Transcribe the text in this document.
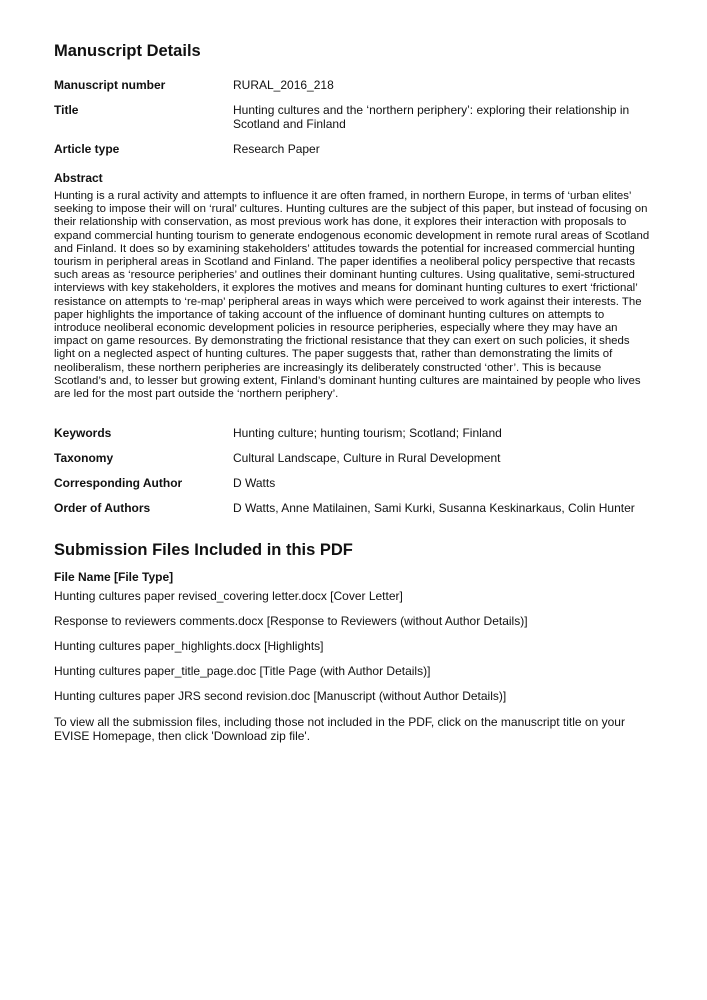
Manuscript Details
Manuscript number	RURAL_2016_218
Title	Hunting cultures and the ‘northern periphery’: exploring their relationship in Scotland and Finland
Article type	Research Paper
Abstract
Hunting is a rural activity and attempts to influence it are often framed, in northern Europe, in terms of ‘urban elites’ seeking to impose their will on ‘rural’ cultures. Hunting cultures are the subject of this paper, but instead of focusing on their relationship with conservation, as most previous work has done, it explores their interaction with proposals to expand commercial hunting tourism to generate endogenous economic development in remote rural areas of Scotland and Finland. It does so by examining stakeholders’ attitudes towards the potential for increased commercial hunting tourism in peripheral areas in Scotland and Finland. The paper identifies a neoliberal policy perspective that recasts such areas as ‘resource peripheries’ and outlines their dominant hunting cultures. Using qualitative, semi-structured interviews with key stakeholders, it explores the motives and means for dominant hunting cultures to exert ‘frictional’ resistance on attempts to ‘re-map’ peripheral areas in ways which were perceived to work against their interests. The paper highlights the importance of taking account of the influence of dominant hunting cultures on attempts to introduce neoliberal economic development policies in resource peripheries, especially where they may have an impact on game resources. By demonstrating the frictional resistance that they can exert on such policies, it sheds light on a neglected aspect of hunting cultures. The paper suggests that, rather than demonstrating the limits of neoliberalism, these northern peripheries are increasingly its deliberately constructed ‘other’. This is because Scotland’s and, to lesser but growing extent, Finland’s dominant hunting cultures are maintained by people who lives are led for the most part outside the ‘northern periphery’.
Keywords	Hunting culture; hunting tourism; Scotland; Finland
Taxonomy	Cultural Landscape, Culture in Rural Development
Corresponding Author	D Watts
Order of Authors	D Watts, Anne Matilainen, Sami Kurki, Susanna Keskinarkaus, Colin Hunter
Submission Files Included in this PDF
File Name [File Type]
Hunting cultures paper revised_covering letter.docx [Cover Letter]
Response to reviewers comments.docx [Response to Reviewers (without Author Details)]
Hunting cultures paper_highlights.docx [Highlights]
Hunting cultures paper_title_page.doc [Title Page (with Author Details)]
Hunting cultures paper JRS second revision.doc [Manuscript (without Author Details)]
To view all the submission files, including those not included in the PDF, click on the manuscript title on your EVISE Homepage, then click 'Download zip file'.
